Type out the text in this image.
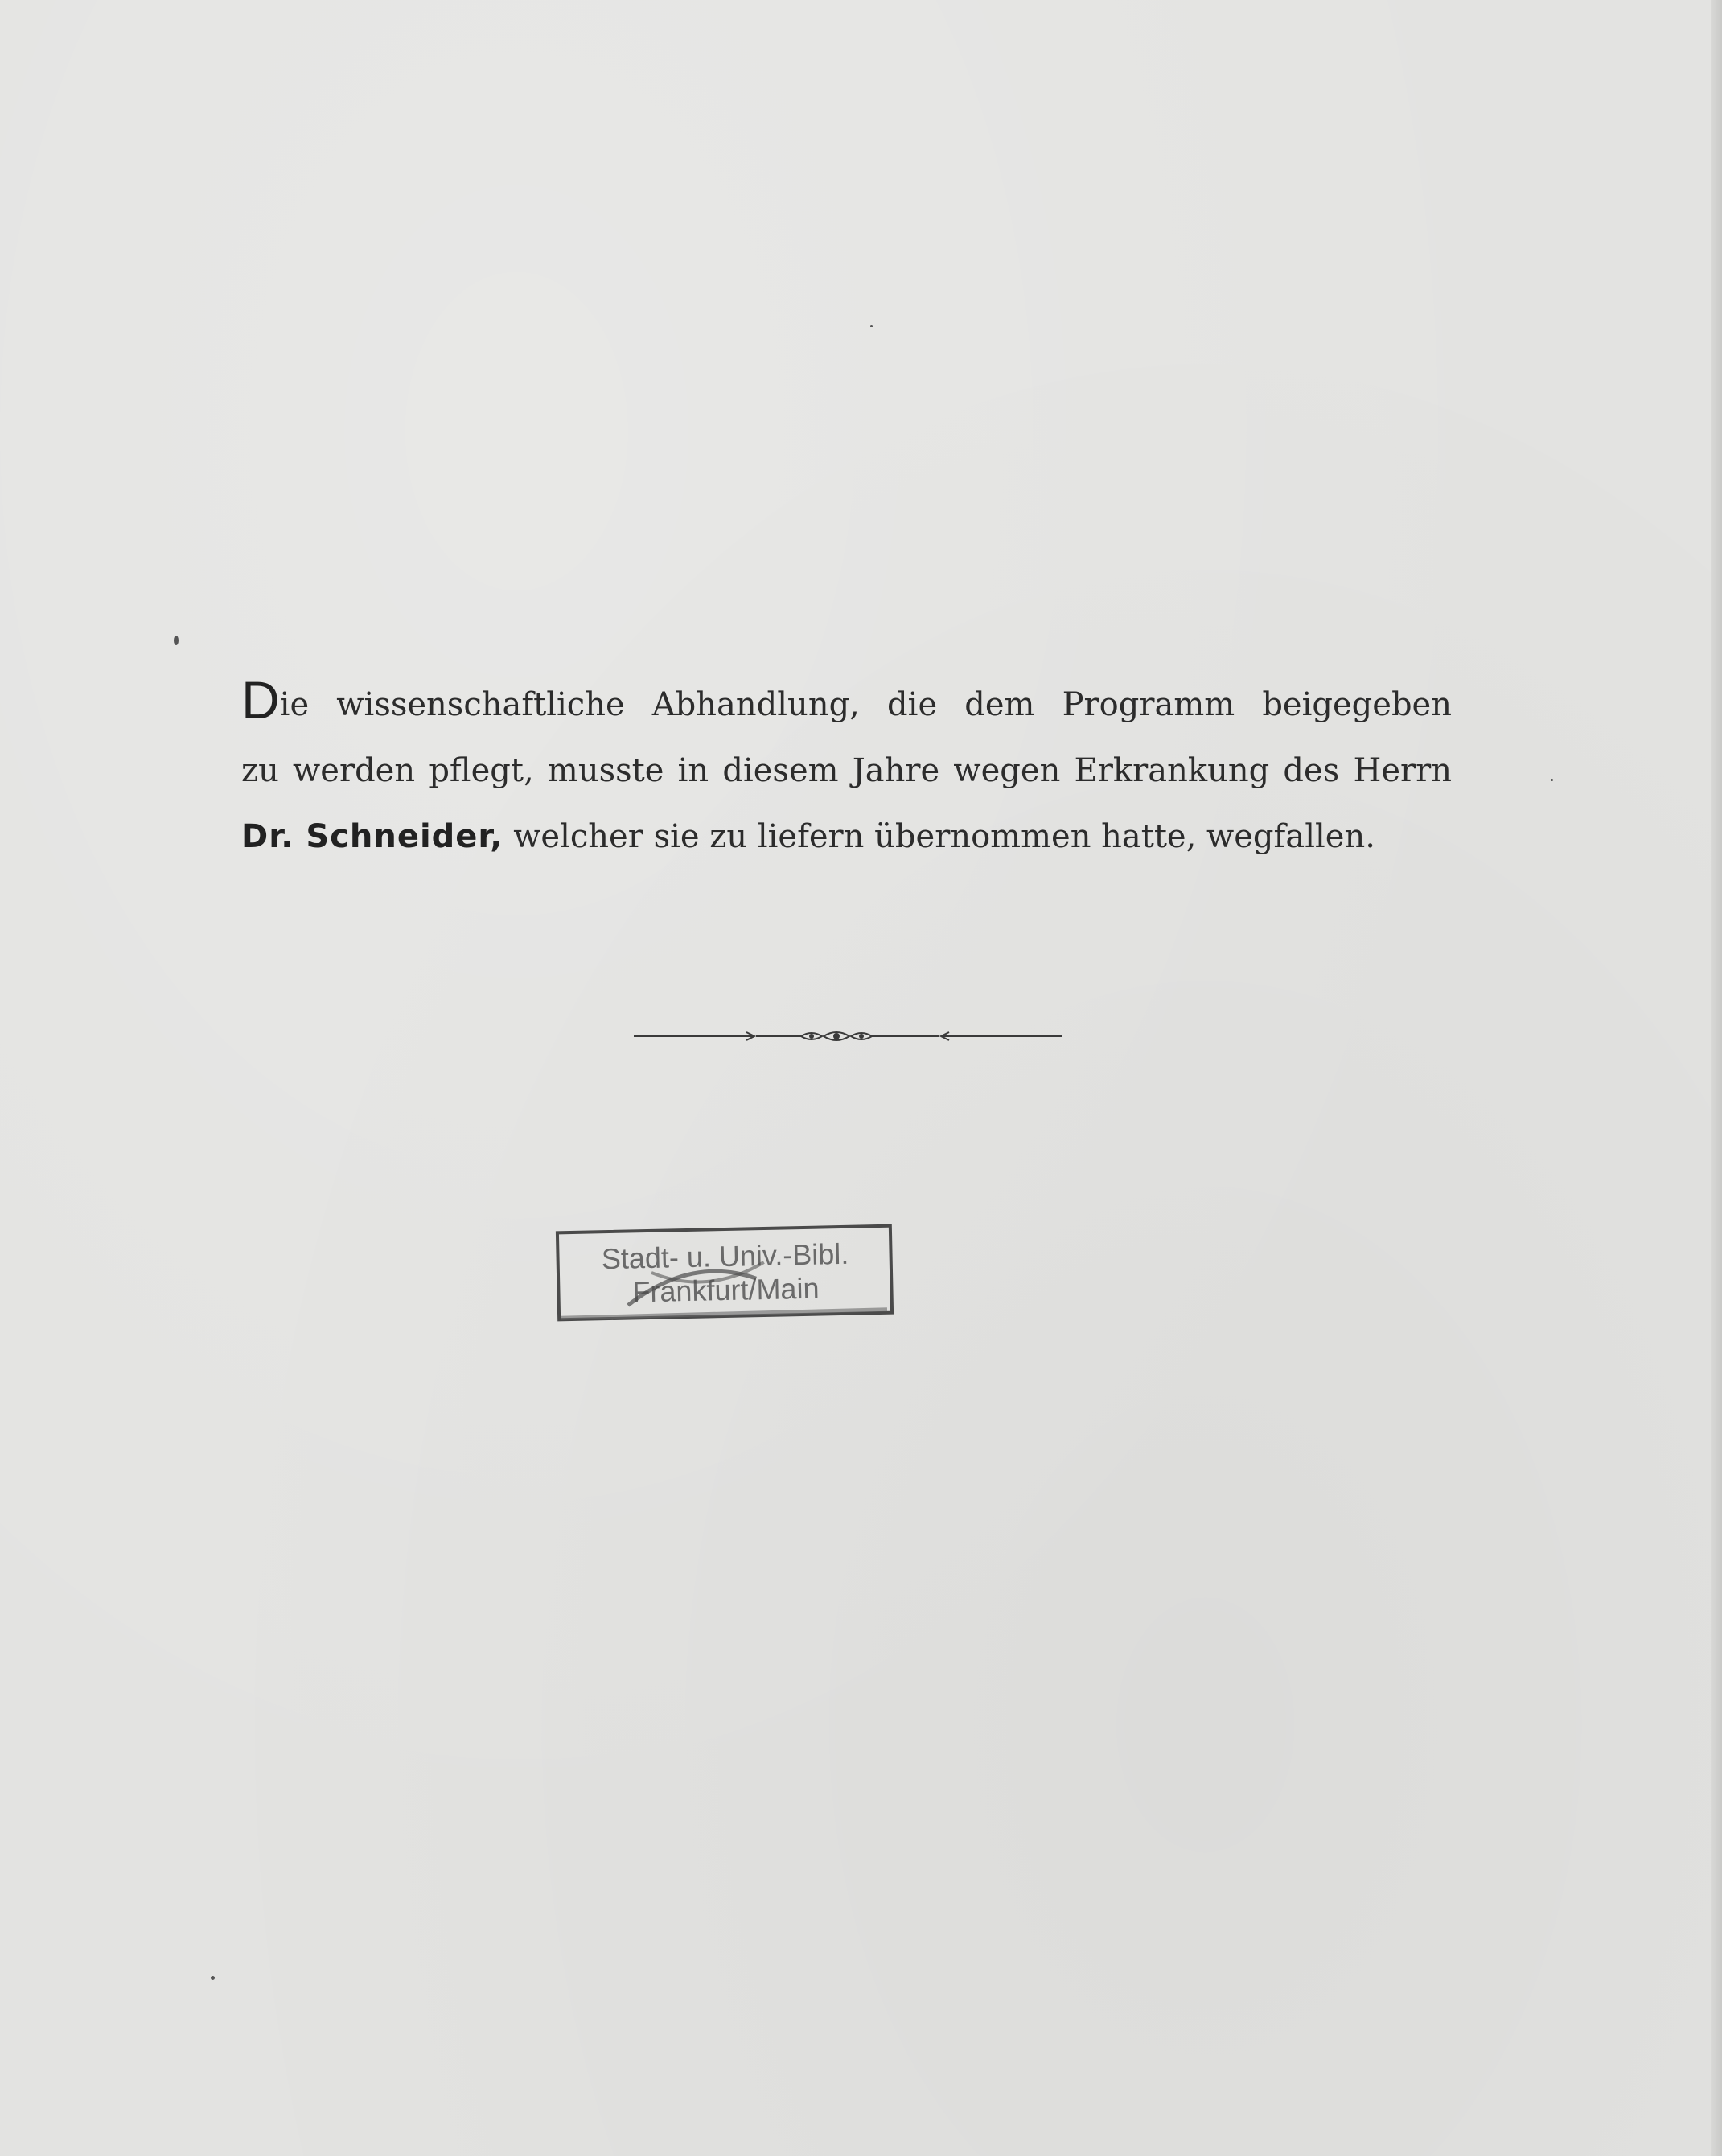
Die wissenschaftliche Abhandlung, die dem Programm beigegeben
zu werden pflegt, musste in diesem Jahre wegen Erkrankung des Herrn
Dr. Schneider, welcher sie zu liefern übernommen hatte, wegfallen.
Stadt- u. Univ.-Bibl.
Frankfurt/Main
